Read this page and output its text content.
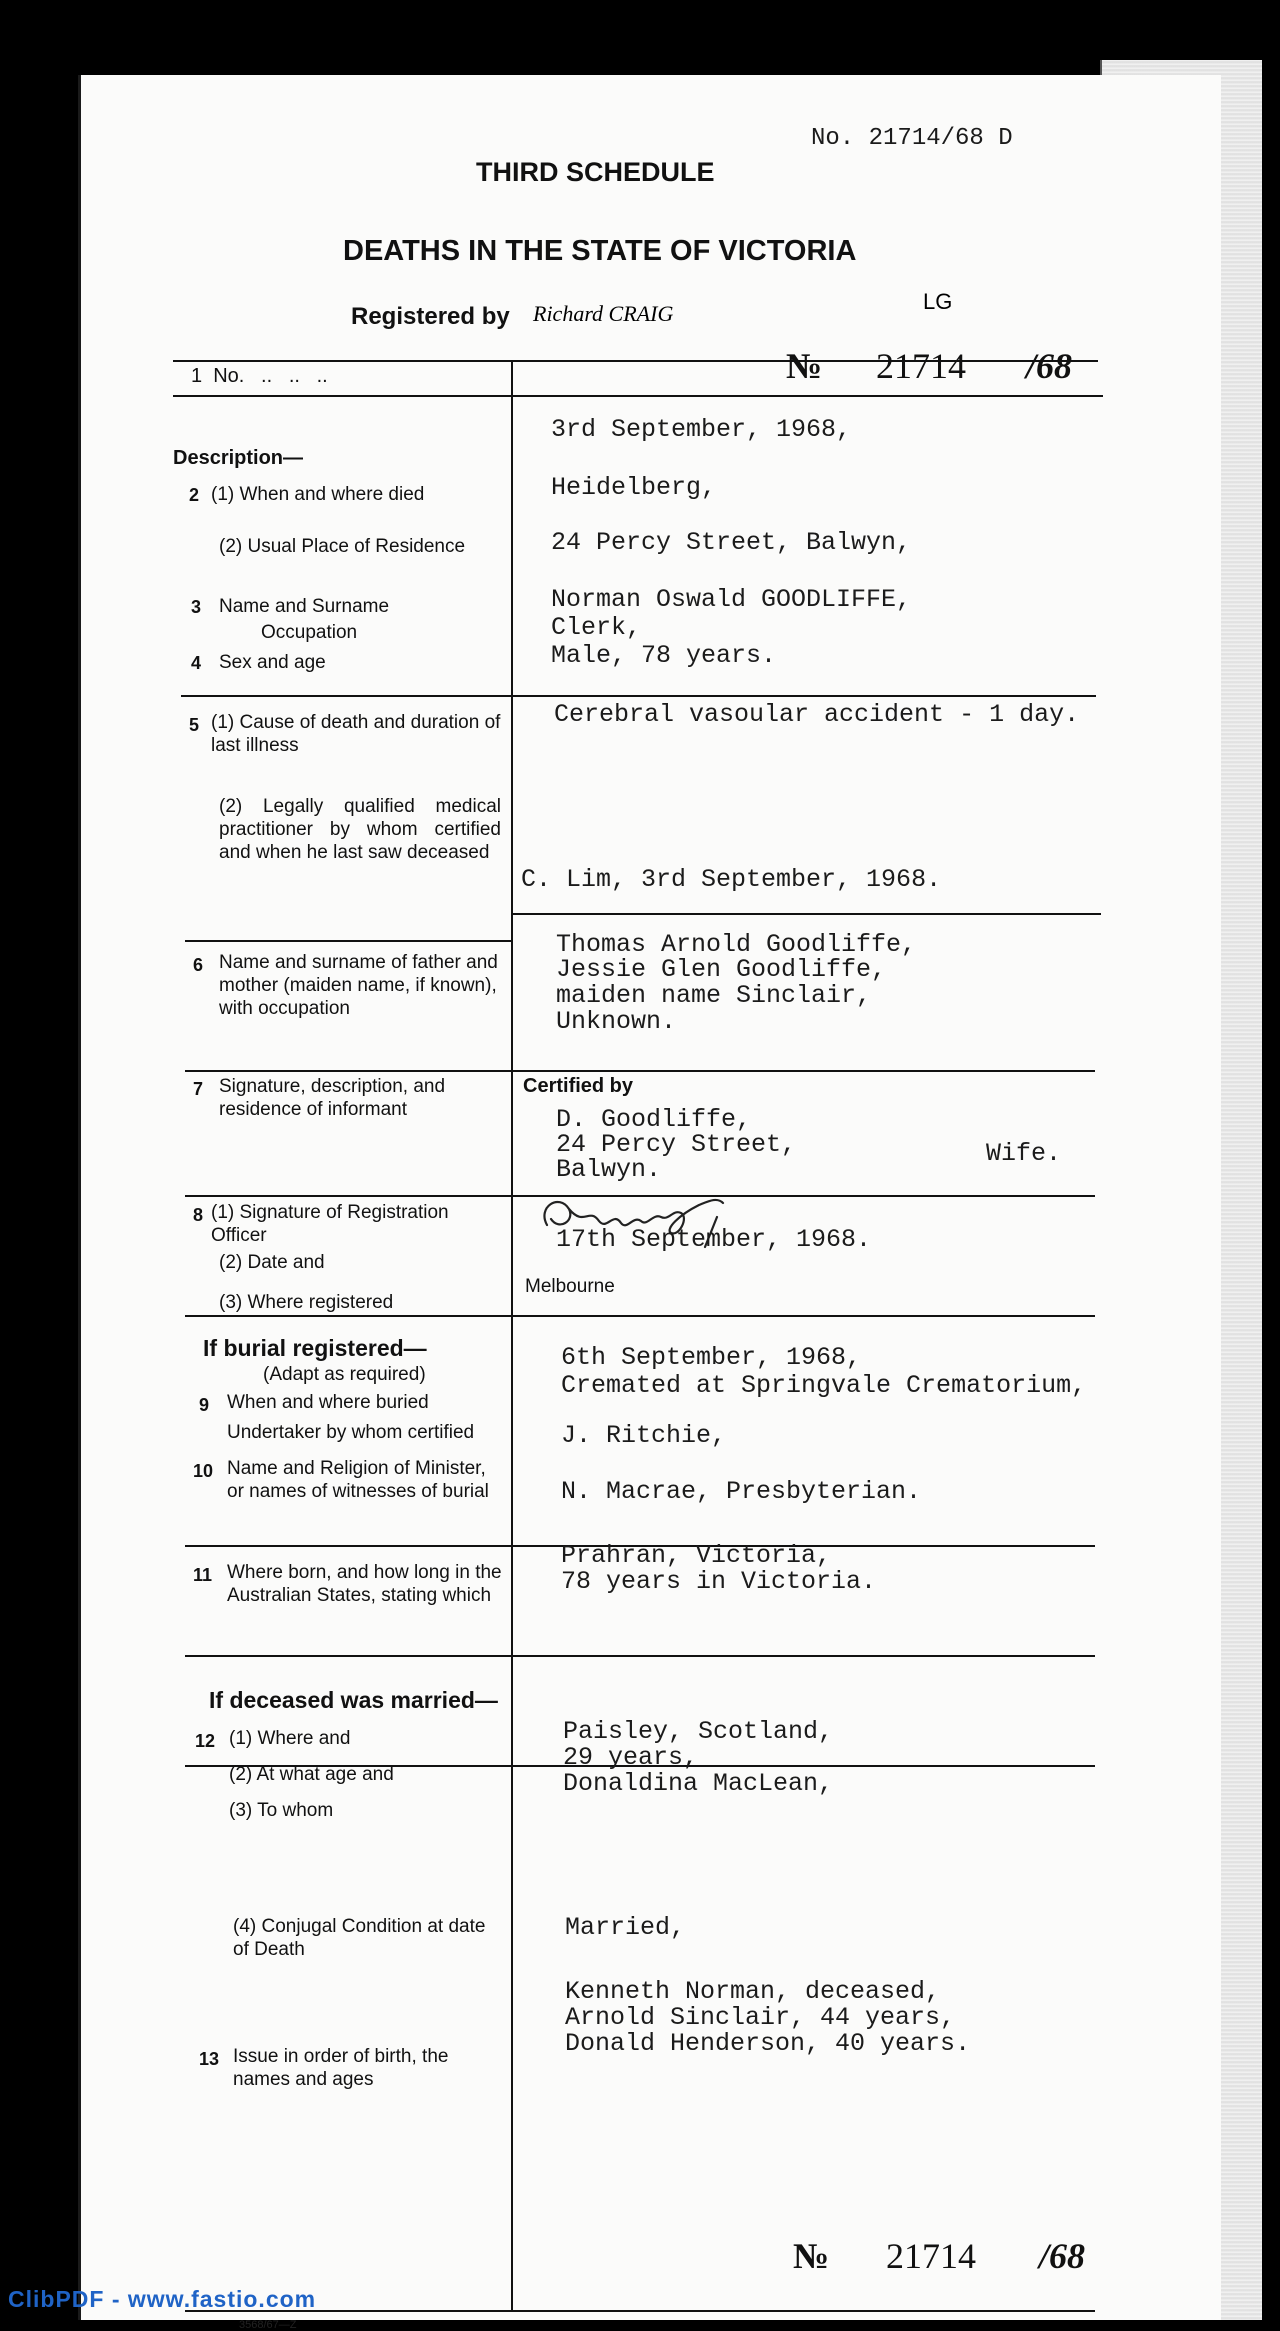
No. 21714/68 D
THIRD SCHEDULE
DEATHS IN THE STATE OF VICTORIA
Registered by Richard CRAIG	LG
1  No.   ..   ..   ..	№ 21714 /68
Description—
2 (1) When and where died
(2) Usual Place of Residence
3 Name and Surname
Occupation
4 Sex and age
5 (1) Cause of death and duration of last illness
(2) Legally qualified medical practitioner by whom certified and when he last saw deceased
6 Name and surname of father and mother (maiden name, if known), with occupation
7 Signature, description, and residence of informant
8 (1) Signature of Registration Officer
(2) Date and
(3) Where registered
If burial registered—
(Adapt as required)
9 When and where buried
Undertaker by whom certified
10 Name and Religion of Minister, or names of witnesses of burial
11 Where born, and how long in the Australian States, stating which
If deceased was married—
12 (1) Where and
(2) At what age and
(3) To whom
(4) Conjugal Condition at date of Death
13 Issue in order of birth, the names and ages
3rd September, 1968,
Heidelberg,
24 Percy Street, Balwyn,
Norman Oswald GOODLIFFE,
Clerk,
Male, 78 years.
Cerebral vasoular accident - 1 day.
C. Lim, 3rd September, 1968.
Thomas Arnold Goodliffe,
Jessie Glen Goodliffe,
maiden name Sinclair,
Unknown.
Certified by
D. Goodliffe,
24 Percy Street,
Balwyn.
Wife.
17th September, 1968.
Melbourne
6th September, 1968,
Cremated at Springvale Crematorium,
J. Ritchie,
N. Macrae, Presbyterian.
Prahran, Victoria,
78 years in Victoria.
Paisley, Scotland,
29 years,
Donaldina MacLean,
Married,
Kenneth Norman, deceased,
Arnold Sinclair, 44 years,
Donald Henderson, 40 years.
№ 21714 /68
3568/67—Z
ClibPDF - www.fastio.com
